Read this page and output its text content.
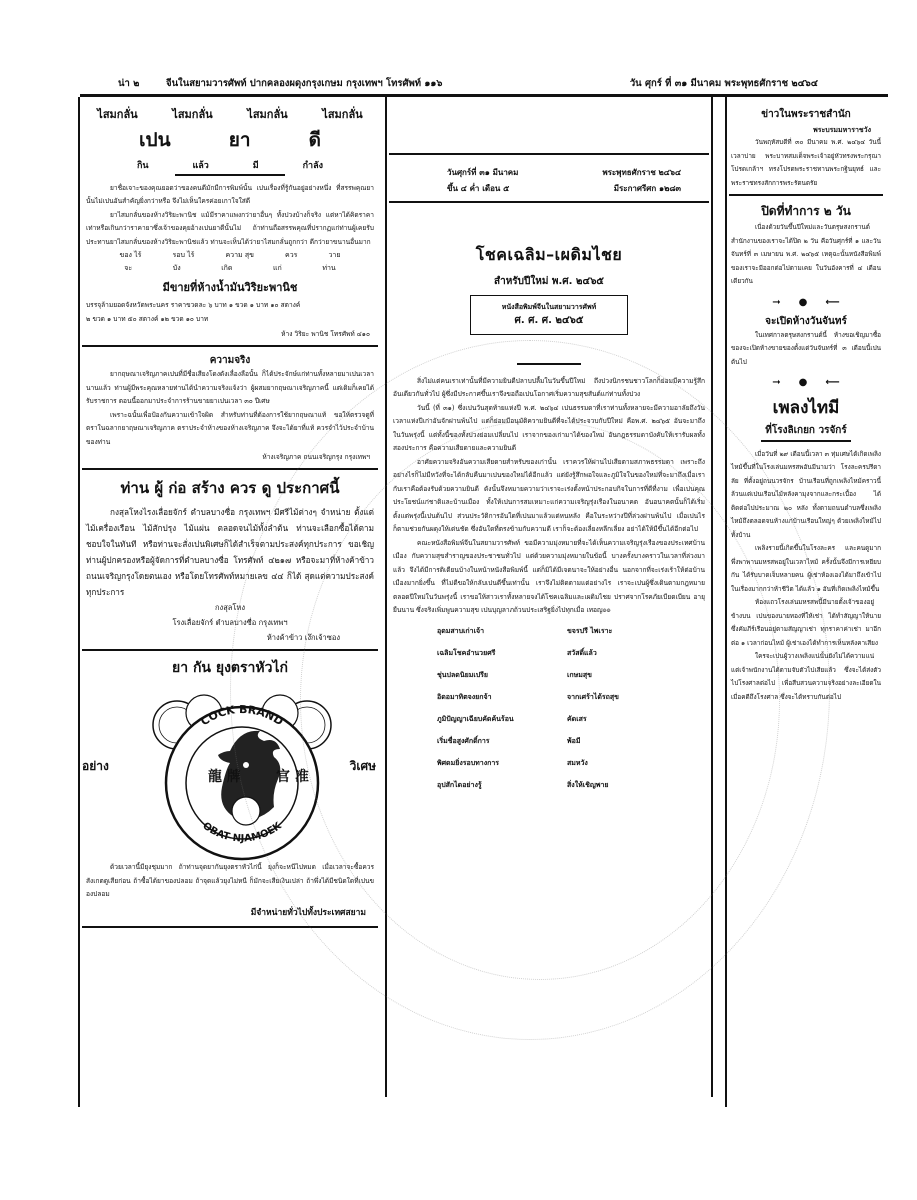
น่า ๒	จีนในสยามวารศัพท์ ปากคลองผดุงกรุงเกษม กรุงเทพฯ โทรศัพท์ ๑๑๖	วัน ศุกร์ ที่ ๓๑ มีนาคม พระพุทธศักราช ๒๔๖๔
ไสมกลั่น	ไสมกลั่น	ไสมกลั่น	ไสมกลั่น
เปน	ยา	ดี
กิน	แล้ว	มี	กำลัง

ยาชื่อเจาะของคุณยอดว่าของคนดีมักมีการพิมพ์นั้น เปนเรื่องที่รู้กันอยู่อย่างหนึ่ง ที่สรรพคุณยานั้นไม่เปนอันสำคัญยิ่งกว่าหรือ จึงไม่เห็นใครค่อยเกาใจใส่ดี

ยาไสมกลั่นของห้างวิริยะพานิช แม้มีราคาแพงกว่ายาอื่นๆ ทั้งปวงบ้างก็จริง แต่หาได้คิดราคาเท่าหรือเกินกว่าราคายาซึ่งเจ้าของคุยอ้างเปนยาดีนั้นไม่ ถ้าท่านถือสรรพคุณที่ปรากฏแก่ท่านผู้เคยรับประทานยาไสมกลั่นของห้างวิริยะพานิชแล้ว ท่านจะเห็นได้ว่ายาไสมกลั่นถูกกว่า ดีกว่ายาขนานอื่นมาก

ของ ไร้	รอบ ไร้	ความ สุข	ควร	วาย
จะ	บัง	เกิด	แก่	ท่าน
มีขายที่ห้างน้ำมันวิริยะพานิช

บรรจุล้ามยอดจังหวัดพระนคร ราคาขวดละ ๖ บาท ๑ ขวด ๑ บาท ๑๐ สตางค์

๒ ขวด ๑ บาท ๕๐ สตางค์ ๑๒ ขวด ๑๐ บาท

ห้าง วิริยะ พานิช โทรศัพท์ ๔๑๐
ความจริง

ยากฤษณาเจริญภาคเปนที่มีชื่อเสียงโดงดังเลื่องลือนั้น ก็ได้ประจักษ์แก่ท่านทั้งหลายมาเปนเวลานานแล้ว ท่านผู้มีพระคุณหลายท่านได้นำความจริงแจ้งว่า ผู้ผสมยากฤษณาเจริญภาคนี้ แต่เดิมก็เคยได้รับราชการ ตอนนี้ออกมาประจำการร้านขายยาเปนเวลา ๓๐ ปีเศษ

เพราะฉนั้นเพื่อป้องกันความเข้าใจผิด สำหรับท่านที่ต้องการใช้ยากฤษณาแท้ ขอให้ตรวจดูที่ตราในฉลากยาฤษณาเจริญภาค ตราประจำห้างของห้างเจริญภาค จึงจะได้ยาที่แท้ ควรจำไว้ประจำบ้านของท่าน

ห้างเจริญภาค ถนนเจริญกรุง กรุงเทพฯ
ท่าน ผู้ ก่อ สร้าง ควร ดู ประกาศนี้

กงสุลโหงไรงเลื่อยจักร์ ตำบลบางซื่อ กรุงเทพฯ มีศรีไม้ต่างๆ จำหน่าย ตั้งแต่ไม้เครื่องเรือน ไม้สักปรุง ไม้แผ่น ตลอดจนไม้ทั้งลำต้น ท่านจะเลือกซื้อได้ตามชอบใจในทันที หรือท่านจะสั่งเปนพิเศษก็ได้สำเร็จตามประสงค์ทุกประการ ขอเชิญท่านผู้ปกครองหรือผู้จัดการที่ตำบลบางซื่อ โทรศัพท์ ๔๒๑๗ หรือจะมาที่ห้างค้าข้าวถนนเจริญกรุงโดยตนเอง หรือโดยโทรศัพท์หมายเลข ๔๔ ก็ได้ สุดแต่ความประสงค์ทุกประการ

กงสุลโหง
โรงเลื่อยจักร์ ตำบลบางซื่อ กรุงเทพฯ
ห้างค้าข้าว เง๊กเจ้าซอง
ยา กัน ยุงตราหัวไก่
อย่าง	วิเศษ
COCK BRAND
OBAT NJAMOEK
龍 牌	官 准

ด้วยเวลานี้มียุงชุมมาก ถ้าท่านจุดยากันยุงตราหัวไก่นี้ ยุงก็จะหนีไปหมด เมื่อเวลาจะซื้อควรสังเกตดูเสียก่อน ถ้าซื้อได้ยาของปลอม ถ้าจุดแล้วยุงไม่หนี ก็มักจะเสียเงินเปล่า ถ้าพึ่งได้มีชนิดใดที่เปนของปลอม

มีจำหน่ายทั่วไปทั้งประเทศสยาม
วันศุกร์ที่ ๓๑ มีนาคม	พระพุทธศักราช ๒๔๖๔
ขึ้น ๔ ค่ำ เดือน ๕	มีระกาศรีศก ๑๒๘๓
โชคเฉลิม–เผดิมไชย
สำหรับปีใหม่ พ.ศ. ๒๔๖๕
หนังสือพิมพ์จีนในสยามวารศัพท์
ศ. ศ. ศ. ๒๔๖๕

สิ่งไม่แต่คนเราเท่านั้นที่มีความยินดีปลาบปลื้มในวันขึ้นปีใหม่ ถึงปวงนิกรชนชาวโลกก็ย่อมมีความรู้สึกอันเดียวกันทั่วไป ผู้ซึ่งมีประกาศขึ้นเราจึงขอถือเปนโอกาศเริ่มความสุขสันต์แก่ท่านทั้งปวง

วันนี้ (ที่ ๓๑) ซึ่งเปนวันสุดท้ายแห่งปี พ.ศ. ๒๔๖๔ เปนธรรมดาที่เราท่านทั้งหลายจะมีความอาลัยถึงวันเวลาแห่งปีเก่าอันจักผ่านพ้นไป แต่ก็ย่อมมีอนุมัติความยินดีที่จะได้ประจวบกับปีใหม่ คือพ.ศ. ๒๔๖๕ อันจะมาถึงในวันพรุ่งนี้ แต่ทั้งนี้ของทั้งปวงย่อมเปลี่ยนไป เราจากของเก่ามาได้ของใหม่ อันกฎธรรมดาบังคับให้เรารับผลทั้งสองประการ คือความเสียดายและความยินดี

อาศัยความจริงอันความเสียดายสำหรับของเก่านั้น เราควรให้ผ่านไปเสียตามสภาพธรรมดา เพราะถึงอย่างไรก็ไม่มีหวังที่จะได้กลับคืนมาเปนของใหม่ได้อีกแล้ว แต่ยังรู้สึกพอใจและภูมิใจในของใหม่ที่จะมาถึงเมื่อเรากับเราคือต้องรับด้วยความยินดี ดังนั้นจึงหมายความว่าเราจะเร่งตั้งหน้าประกอบกิจในการที่ดีที่งาม เพื่อเปนคุณประโยชน์แก่ชาติและบ้านเมือง ทั้งให้เปนการสมเหมาะแก่ความเจริญรุ่งเรืองในอนาคต อันอนาคตนั้นก็ได้เริ่มตั้งแต่พรุ่งนี้เปนต้นไป ส่วนประวัติการอันใดที่เปนมาแล้วแต่หนหลัง คือในระหว่างปีที่ล่วงผ่านพ้นไป เมื่อเปนไรก็ตามช่วยกันผดุงให้เด่นชัด ซึ่งอันใดที่ตรงข้ามกับความดี เราก็จะต้องเลี่ยงหลีกเลี่ยง อย่าได้ให้มีขึ้นได้อีกต่อไป

คณะหนังสือพิมพ์จีนในสยามวารศัพท์ ขอมีความมุ่งหมายที่จะได้เห็นความเจริญรุ่งเรืองของประเทศบ้านเมือง กับความสุขสำราญของประชาชนทั่วไป แต่ด้วยความมุ่งหมายในข้อนี้ บางครั้งบางคราวในเวลาที่ล่วงมาแล้ว จึงได้มีการติเตียนบ้างในหน้าหนังสือพิมพ์นี้ แต่ก็มิได้มีเจตนาจะให้อย่างอื่น นอกจากที่จะเร่งเร้าให้ต่อบ้านเมืองมากยิ่งขึ้น ที่ไม่ดีขอให้กลับเปนดีขึ้นเท่านั้น เราจึงไม่ติดตามแต่อย่างไร เราจะเปนผู้ซึ่งเดินตามกฎหมาย ตลอดปีใหม่ในวันพรุ่งนี้ เราขอให้สาวเราทั้งหลายจงได้โชคเฉลิมและเผดิมไชย ปราศจากโรคภัยเบียดเบียน อายุยืนนาน ซึ่งจริงเพิ่มพูนความสุข เปนบุญลาภถ้วนประเสริฐยิ่งไปทุกเมื่อ เทอญ๏๏

อุดมสาบเก่าเจ้า	ขจรปรี ไพเราะ
เฉลิมโชคอำนวยศรี	สวัสดิ์แล้ว
ชุ่นปลดนิยมเปรีย	เกษมสุข
อิดอมาทิตจงยกจ้า	จากเศร้าได้รถสุข
ภูมิปัญญาเฉียบคัดค้นร้อน	คัดเสร
เริ่มชื่อสูงศักดิ์การ	พ้อมี
พิศดมยิ่งรอบทางการ	สมหวัง
อุปสักไดอย่างรู้	สิ่งให้เชิญพาย
ข่าวในพระราชสำนัก
พระบรมมหาราชวัง

วันพฤหัสบดีที่ ๓๐ มีนาคม พ.ศ. ๒๔๖๔ วันนี้เวลาบ่าย พระบาทสมเด็จพระเจ้าอยู่หัวทรงพระกรุณาโปรดเกล้าฯ ทรงโปรดพระราชทานพระกฐินยุทธ์ และพระราชทรงสักการพระรัตนตรัย

ปิดที่ทำการ ๒ วัน

เนื่องด้วยวันขึ้นปีใหม่และวันตรุษสงกรานต์ สำนักงานของเราจะได้ปิด ๒ วัน คือวันศุกร์ที่ ๑ และวันจันทร์ที่ ๓ เมษายน พ.ศ. ๒๔๖๕ เหตุฉะนั้นหนังสือพิมพ์ของเราจะมีออกต่อไปตามเคย ในวันอังคารที่ ๔ เดือนเดียวกัน

➞ ● ⟵
จะเปิดห้างวันจันทร์

ในเทศกาลตรุษสงกรานต์นี้ ห้างขอเชิญมาซื้อของจะเปิดห้างขายของตั้งแต่วันจันทร์ที่ ๓ เดือนนี้เปนต้นไป

➞ ● ⟵
เพลงไทมี
ที่โรงลิเกยก วรจักร์

เมื่อวันที่ ๒๙ เดือนนี้เวลา ๓ ทุ่มเศษได้เกิดเพลิงไหม้ขึ้นที่ในโรงเล่นมหรสพอันมีนามว่า โรงละครปรีดาลัย ที่ตั้งอยู่ถนนวรจักร บ้านเรือนที่ถูกเพลิงไหม้คราวนี้ ล้วนแต่เปนเรือนไม้หลังคามุงจากและกระเบื้อง ได้ติดต่อไปประมาณ ๒๐ หลัง ทั้งตามถนนตำบลซึ่งเพลิงไหม้ถึงตลอดจนห้างแก่บ้านเรือนใหญ่ๆ ด้วยเพลิงไหม้ไปทั้งบ้าน

เพลิงรายนี้เกิดขึ้นในโรงละคร และคนดูมาก พึ่งพาพานมหรสพอยู่ในเวลาไหม้ ครั้งนั้นจึงมีการเหยียบกัน ได้รับบาดเจ็บหลายคน ผู้เช่าห้องเองได้มาถึงเข้าไปในเรื่องมากกว่าห้าชีวิต ได้แล้ว ๑ อันที่เกิดเพลิงไหม้ขึ้น

ห้องแถวโรงเล่นมหรสพนี้มีนายตั้งเจ้าของอยู่ข้างบน เปนของนายทองที่ให้เช่า ได้ทำสัญญาให้นายซึ่งคัมภีร์เรือนอยู่ตามสัญญาเช่า ทุกราคาค่าเช่า มาอีกต่อ ๑ เวลาก่อนไหม้ ผู้เช่าเองได้ทำการเห็นหลังคาเสียง

ใครจะเปนผู้วางเพลิงแน่นั้นยังไม่ได้ความแน่ แต่เจ้าพนักงานได้ตามจับตัวไปเสียแล้ว ซึ่งจะได้ส่งตัวไปโรงศาลต่อไป เพื่อสืบสวนความจริงอย่างละเอียดในเมื่อคดีถึงโรงศาล ซึ่งจะได้ทราบกันต่อไป
